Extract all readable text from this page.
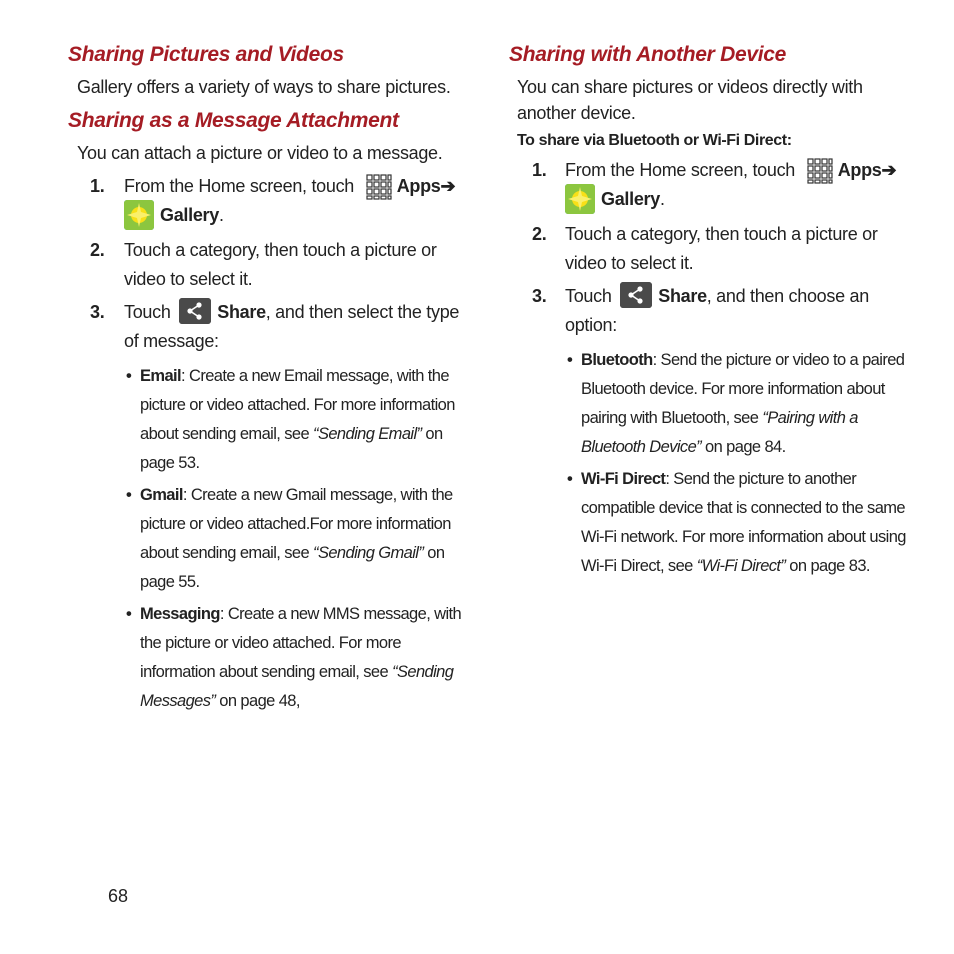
Sharing Pictures and Videos

Gallery offers a variety of ways to share pictures.

Sharing as a Message Attachment

You can attach a picture or video to a message.

1. From the Home screen, touch Apps➔
Gallery.
2. Touch a category, then touch a picture or video to select it.
3. Touch	Share, and then select the type of message:
• Email: Create a new Email message, with the picture or video attached. For more information about sending email, see “Sending Email” on page 53.
• Gmail: Create a new Gmail message, with the picture or video attached.For more information about sending email, see “Sending Gmail” on page 55.
• Messaging: Create a new MMS message, with the picture or video attached. For more information about sending email, see “Sending Messages” on page 48,
Sharing with Another Device

You can share pictures or videos directly with another device.

To share via Bluetooth or Wi-Fi Direct:
1. From the Home screen, touch Apps➔
Gallery.
2. Touch a category, then touch a picture or video to select it.
3. Touch	Share, and then choose an option:
• Bluetooth: Send the picture or video to a paired Bluetooth device. For more information about pairing with Bluetooth, see “Pairing with a Bluetooth Device” on page 84.
• Wi-Fi Direct: Send the picture to another compatible device that is connected to the same Wi-Fi network. For more information about using Wi-Fi Direct, see “Wi-Fi Direct” on page 83.
68
